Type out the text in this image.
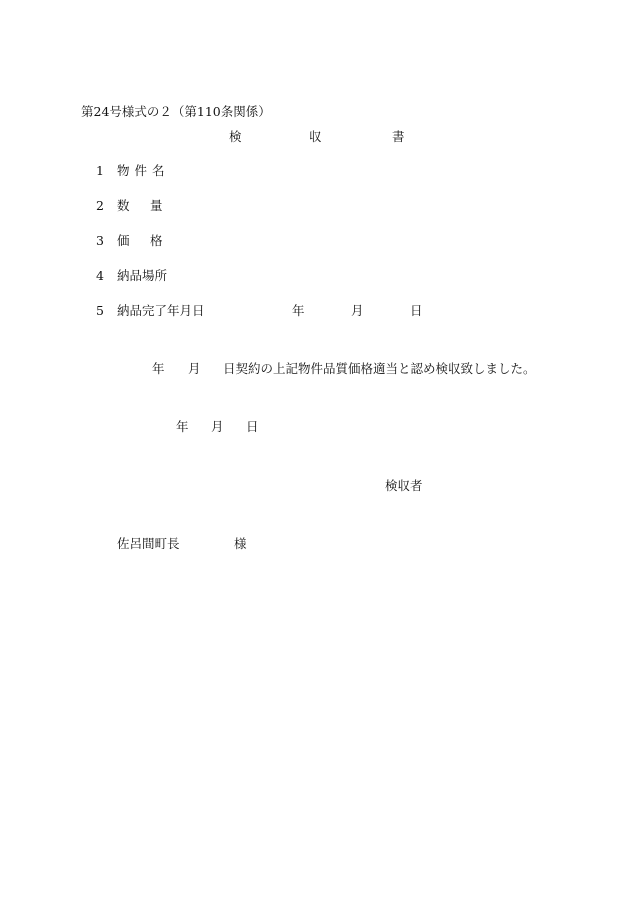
第24号様式の２（第110条関係）
検	収	書
1 物件名
2 数　量
3 価　格
4 納品場所
5 納品完了年月日	年	月	日
年 月 日契約の上記物件品質価格適当と認め検収致しました。
年 月 日
検収者
佐呂間町長	様
